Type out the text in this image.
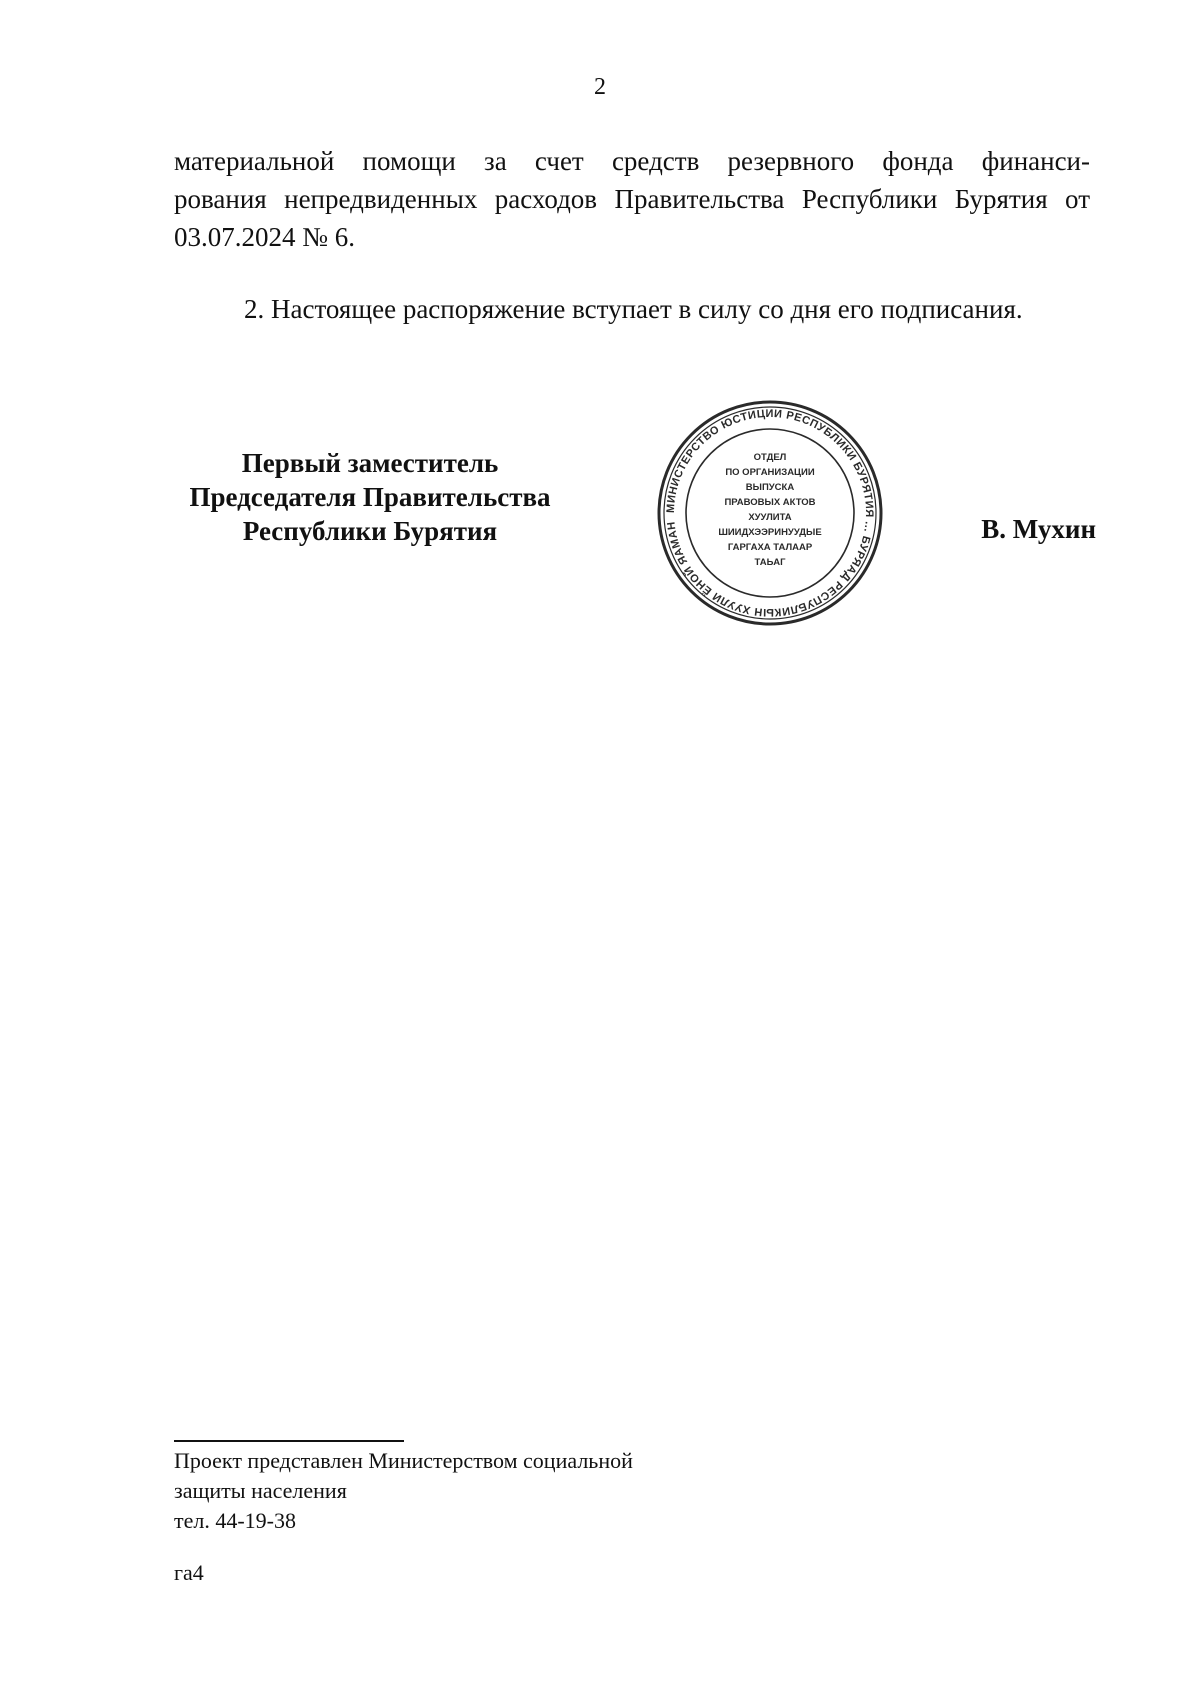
2

материальной помощи за счет средств резервного фонда финанси-
рования непредвиденных расходов Правительства Республики Бурятия от
03.07.2024 № 6.

2. Настоящее распоряжение вступает в силу со дня его подписания.

Первый заместитель
Председателя Правительства
Республики Бурятия
МИНИСТЕРСТВО ЮСТИЦИИ РЕСПУБЛИКИ БУРЯТИЯ ... БУРЯАД РЕСПУБЛИКЫН ХУУЛИ ЁНОЙ ЯАМАН
ОТДЕЛ
ПО ОРГАНИЗАЦИИ
ВЫПУСКА
ПРАВОВЫХ АКТОВ
ХУУЛИТА
ШИИДХЭЭРИНУУДЫЕ
ГАРГАХА ТАЛААР
ТАЬАГ
В. Мухин
Проект представлен Министерством социальной
защиты населения
тел. 44-19-38
га4
